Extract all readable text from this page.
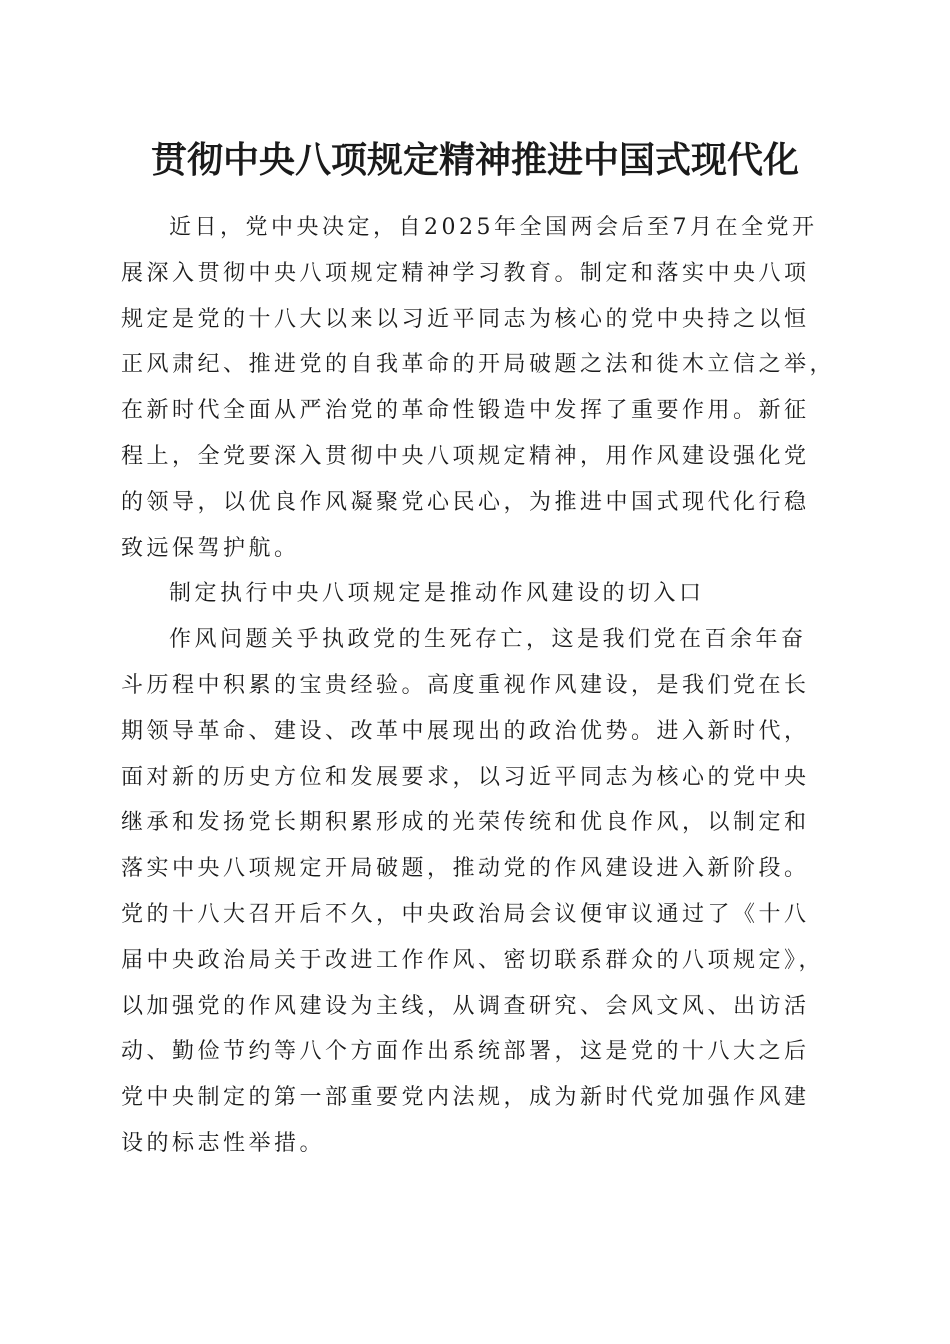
贯彻中央八项规定精神推进中国式现代化
近日，党中央决定，自2025年全国两会后至7月在全党开
展深入贯彻中央八项规定精神学习教育。制定和落实中央八项
规定是党的十八大以来以习近平同志为核心的党中央持之以恒
正风肃纪、推进党的自我革命的开局破题之法和徙木立信之举，
在新时代全面从严治党的革命性锻造中发挥了重要作用。新征
程上，全党要深入贯彻中央八项规定精神，用作风建设强化党
的领导，以优良作风凝聚党心民心，为推进中国式现代化行稳
致远保驾护航。
制定执行中央八项规定是推动作风建设的切入口
作风问题关乎执政党的生死存亡，这是我们党在百余年奋
斗历程中积累的宝贵经验。高度重视作风建设，是我们党在长
期领导革命、建设、改革中展现出的政治优势。进入新时代，
面对新的历史方位和发展要求，以习近平同志为核心的党中央
继承和发扬党长期积累形成的光荣传统和优良作风，以制定和
落实中央八项规定开局破题，推动党的作风建设进入新阶段。
党的十八大召开后不久，中央政治局会议便审议通过了《十八
届中央政治局关于改进工作作风、密切联系群众的八项规定》，
以加强党的作风建设为主线，从调查研究、会风文风、出访活
动、勤俭节约等八个方面作出系统部署，这是党的十八大之后
党中央制定的第一部重要党内法规，成为新时代党加强作风建
设的标志性举措。
